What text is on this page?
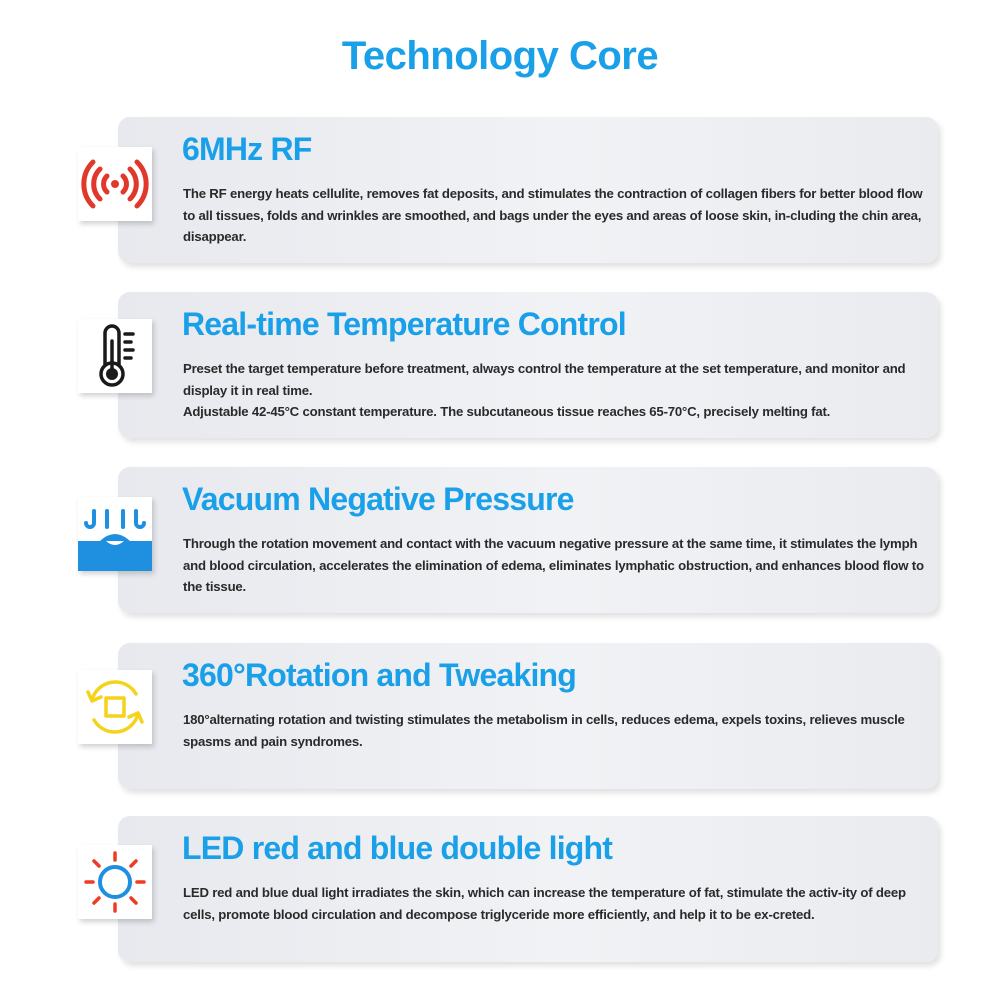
Technology Core
6MHz RF

The RF energy heats cellulite, removes fat deposits, and stimulates the contraction of collagen fibers for better blood flow to all tissues, folds and wrinkles are smoothed, and bags under the eyes and areas of loose skin, in-cluding the chin area, disappear.

Real-time Temperature Control

Preset the target temperature before treatment, always control the temperature at the set temperature, and monitor and display it in real time.

Adjustable 42-45°C constant temperature. The subcutaneous tissue reaches 65-70°C, precisely melting fat.

Vacuum Negative Pressure

Through the rotation movement and contact with the vacuum negative pressure at the same time, it stimulates the lymph and blood circulation, accelerates the elimination of edema, eliminates lymphatic obstruction, and enhances blood flow to the tissue.

360°Rotation and Tweaking

180°alternating rotation and twisting stimulates the metabolism in cells, reduces edema, expels toxins, relieves muscle spasms and pain syndromes.

LED red and blue double light

LED red and blue dual light irradiates the skin, which can increase the temperature of fat, stimulate the activ-ity of deep cells, promote blood circulation and decompose triglyceride more efficiently, and help it to be ex-creted.
